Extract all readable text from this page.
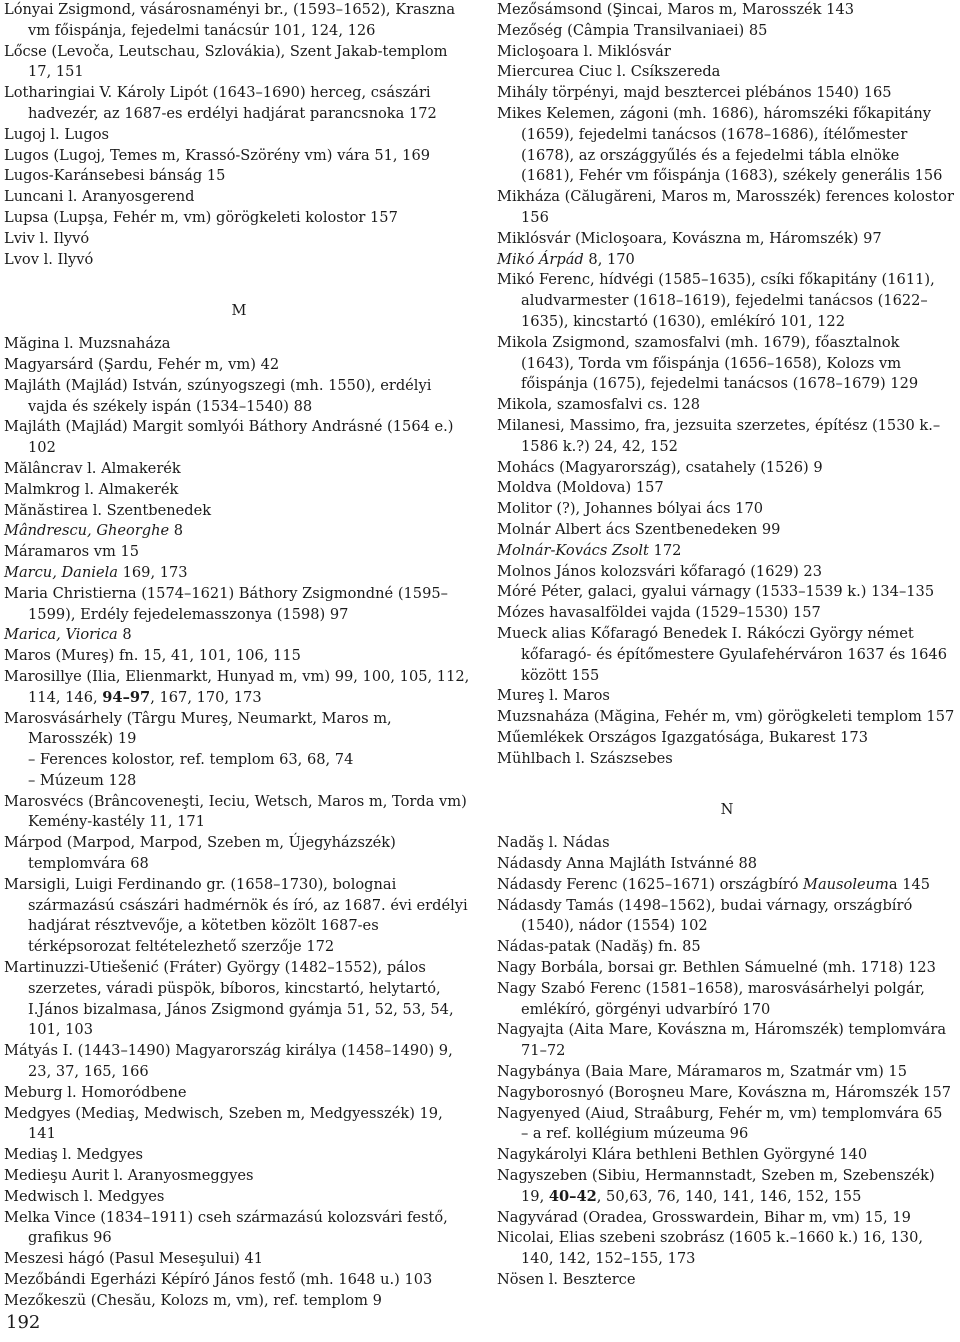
Lónyai Zsigmond, vásárosnaményi br., (1593–1652), Kraszna vm főispánja, fejedelmi tanácsúr 101, 124, 126
Lőcse (Levoča, Leutschau, Szlovákia), Szent Jakab-templom 17, 151
Lotharingiai V. Károly Lipót (1643–1690) herceg, császári hadvezér, az 1687-es erdélyi hadjárat parancsnoka 172
Lugoj l. Lugos
Lugos (Lugoj, Temes m, Krassó-Szörény vm) vára 51, 169
Lugos-Karánsebesi bánság 15
Luncani l. Aranyosgerend
Lupsa (Lupşa, Fehér m, vm) görögkeleti kolostor 157
Lviv l. Ilyvó
Lvov l. Ilyvó
M
Măgina l. Muzsnaháza
Magyarsárd (Şardu, Fehér m, vm) 42
Majláth (Majlád) István, szúnyogszegi (mh. 1550), erdélyi vajda és székely ispán (1534–1540) 88
Majláth (Majlád) Margit somlyói Báthory Andrásné (1564 e.) 102
Mălâncrav l. Almakerék
Malmkrog l. Almakerék
Mănăstirea l. Szentbenedek
Mândrescu, Gheorghe 8
Máramaros vm 15
Marcu, Daniela 169, 173
Maria Christierna (1574–1621) Báthory Zsigmondné (1595–1599), Erdély fejedelemasszonya (1598) 97
Marica, Viorica 8
Maros (Mureş) fn. 15, 41, 101, 106, 115
Marosillye (Ilia, Elienmarkt, Hunyad m, vm) 99, 100, 105, 112, 114, 146, 94–97, 167, 170, 173
Marosvásárhely (Târgu Mureş, Neumarkt, Maros m, Marosszék) 19
– Ferences kolostor, ref. templom 63, 68, 74
– Múzeum 128
Marosvécs (Brâncoveneşti, Ieciu, Wetsch, Maros m, Torda vm) Kemény-kastély 11, 171
Márpod (Marpod, Marpod, Szeben m, Újegyházszék) templomvára 68
Marsigli, Luigi Ferdinando gr. (1658–1730), bolognai származású császári hadmérnök és író, az 1687. évi erdélyi hadjárat résztvevője, a kötetben közölt 1687-es térképsorozat feltételezhető szerzője 172
Martinuzzi-Utiešenić (Fráter) György (1482–1552), pálos szerzetes, váradi püspök, bíboros, kincstartó, helytartó, I.János bizalmasa, János Zsigmond gyámja 51, 52, 53, 54, 101, 103
Mátyás I. (1443–1490) Magyarország királya (1458–1490) 9, 23, 37, 165, 166
Meburg l. Homoródbene
Medgyes (Mediaş, Medwisch, Szeben m, Medgyesszék) 19, 141
Mediaş l. Medgyes
Medieşu Aurit l. Aranyosmeggyes
Medwisch l. Medgyes
Melka Vince (1834–1911) cseh származású kolozsvári festő, grafikus 96
Meszesi hágó (Pasul Meseşului) 41
Mezőbándi Egerházi Képíró János festő (mh. 1648 u.) 103
Mezőkeszü (Chesău, Kolozs m, vm), ref. templom 9
Mezősámsond (Şincai, Maros m, Marosszék 143
Mezőség (Câmpia Transilvaniaei) 85
Micloşoara l. Miklósvár
Miercurea Ciuc l. Csíkszereda
Mihály törpényi, majd besztercei plébános 1540) 165
Mikes Kelemen, zágoni (mh. 1686), háromszéki főkapitány (1659), fejedelmi tanácsos (1678–1686), ítélőmester (1678), az országgyűlés és a fejedelmi tábla elnöke (1681), Fehér vm főispánja (1683), székely generális 156
Mikháza (Călugăreni, Maros m, Marosszék) ferences kolostor 156
Miklósvár (Micloşoara, Kovászna m, Háromszék) 97
Mikó Árpád 8, 170
Mikó Ferenc, hídvégi (1585–1635), csíki főkapitány (1611), aludvarmester (1618–1619), fejedelmi tanácsos (1622–1635), kincstartó (1630), emlékíró 101, 122
Mikola Zsigmond, szamosfalvi (mh. 1679), főasztalnok (1643), Torda vm főispánja (1656–1658), Kolozs vm főispánja (1675), fejedelmi tanácsos (1678–1679) 129
Mikola, szamosfalvi cs. 128
Milanesi, Massimo, fra, jezsuita szerzetes, építész (1530 k.–1586 k.?) 24, 42, 152
Mohács (Magyarország), csatahely (1526) 9
Moldva (Moldova) 157
Molitor (?), Johannes bólyai ács 170
Molnár Albert ács Szentbenedeken 99
Molnár-Kovács Zsolt 172
Molnos János kolozsvári kőfaragó (1629) 23
Móré Péter, galaci, gyalui várnagy (1533–1539 k.) 134–135
Mózes havasalföldei vajda (1529–1530) 157
Mueck alias Kőfaragó Benedek I. Rákóczi György német kőfaragó- és építőmestere Gyulafehérváron 1637 és 1646 között 155
Mureş l. Maros
Muzsnaháza (Măgina, Fehér m, vm) görögkeleti templom 157
Műemlékek Országos Igazgatósága, Bukarest 173
Mühlbach l. Szászsebes
N
Nadăş l. Nádas
Nádasdy Anna Majláth Istvánné 88
Nádasdy Ferenc (1625–1671) országbíró Mausoleuma 145
Nádasdy Tamás (1498–1562), budai várnagy, országbíró (1540), nádor (1554) 102
Nádas-patak (Nadăş) fn. 85
Nagy Borbála, borsai gr. Bethlen Sámuelné (mh. 1718) 123
Nagy Szabó Ferenc (1581–1658), marosvásárhelyi polgár, emlékíró, görgényi udvarbíró 170
Nagyajta (Aita Mare, Kovászna m, Háromszék) templomvára 71–72
Nagybánya (Baia Mare, Máramaros m, Szatmár vm) 15
Nagyborosnyó (Boroşneu Mare, Kovászna m, Háromszék 157
Nagyenyed (Aiud, Straâburg, Fehér m, vm) templomvára 65
– a ref. kollégium múzeuma 96
Nagykárolyi Klára bethleni Bethlen Györgyné 140
Nagyszeben (Sibiu, Hermannstadt, Szeben m, Szebenszék) 19, 40–42, 50,63, 76, 140, 141, 146, 152, 155
Nagyvárad (Oradea, Grosswardein, Bihar m, vm) 15, 19
Nicolai, Elias szebeni szobrász (1605 k.–1660 k.) 16, 130, 140, 142, 152–155, 173
Nösen l. Beszterce
192
